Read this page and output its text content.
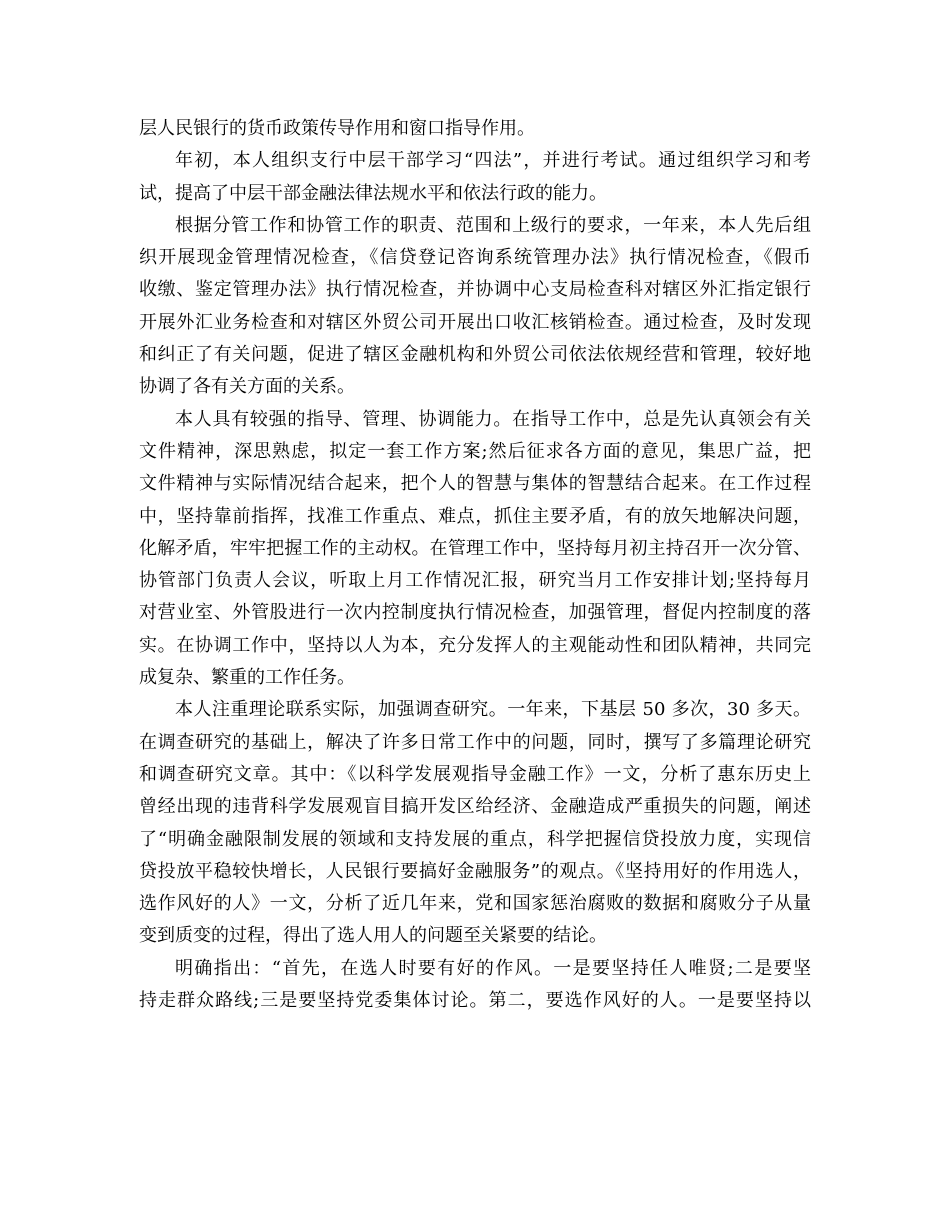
层人民银行的货币政策传导作用和窗口指导作用。
年初，本人组织支行中层干部学习“四法”，并进行考试。通过组织学习和考
试，提高了中层干部金融法律法规水平和依法行政的能力。
根据分管工作和协管工作的职责、范围和上级行的要求，一年来，本人先后组
织开展现金管理情况检查，《信贷登记咨询系统管理办法》执行情况检查，《假币
收缴、鉴定管理办法》执行情况检查，并协调中心支局检查科对辖区外汇指定银行
开展外汇业务检查和对辖区外贸公司开展出口收汇核销检查。通过检查，及时发现
和纠正了有关问题，促进了辖区金融机构和外贸公司依法依规经营和管理，较好地
协调了各有关方面的关系。
本人具有较强的指导、管理、协调能力。在指导工作中，总是先认真领会有关
文件精神，深思熟虑，拟定一套工作方案;然后征求各方面的意见，集思广益，把
文件精神与实际情况结合起来，把个人的智慧与集体的智慧结合起来。在工作过程
中，坚持靠前指挥，找准工作重点、难点，抓住主要矛盾，有的放矢地解决问题，
化解矛盾，牢牢把握工作的主动权。在管理工作中，坚持每月初主持召开一次分管、
协管部门负责人会议，听取上月工作情况汇报，研究当月工作安排计划;坚持每月
对营业室、外管股进行一次内控制度执行情况检查，加强管理，督促内控制度的落
实。在协调工作中，坚持以人为本，充分发挥人的主观能动性和团队精神，共同完
成复杂、繁重的工作任务。
本人注重理论联系实际，加强调查研究。一年来，下基层 50 多次，30 多天。
在调查研究的基础上，解决了许多日常工作中的问题，同时，撰写了多篇理论研究
和调查研究文章。其中：《以科学发展观指导金融工作》一文，分析了惠东历史上
曾经出现的违背科学发展观盲目搞开发区给经济、金融造成严重损失的问题，阐述
了“明确金融限制发展的领域和支持发展的重点，科学把握信贷投放力度，实现信
贷投放平稳较快增长，人民银行要搞好金融服务”的观点。《坚持用好的作用选人，
选作风好的人》一文，分析了近几年来，党和国家惩治腐败的数据和腐败分子从量
变到质变的过程，得出了选人用人的问题至关紧要的结论。
明确指出：“首先，在选人时要有好的作风。一是要坚持任人唯贤;二是要坚
持走群众路线;三是要坚持党委集体讨论。第二，要选作风好的人。一是要坚持以
